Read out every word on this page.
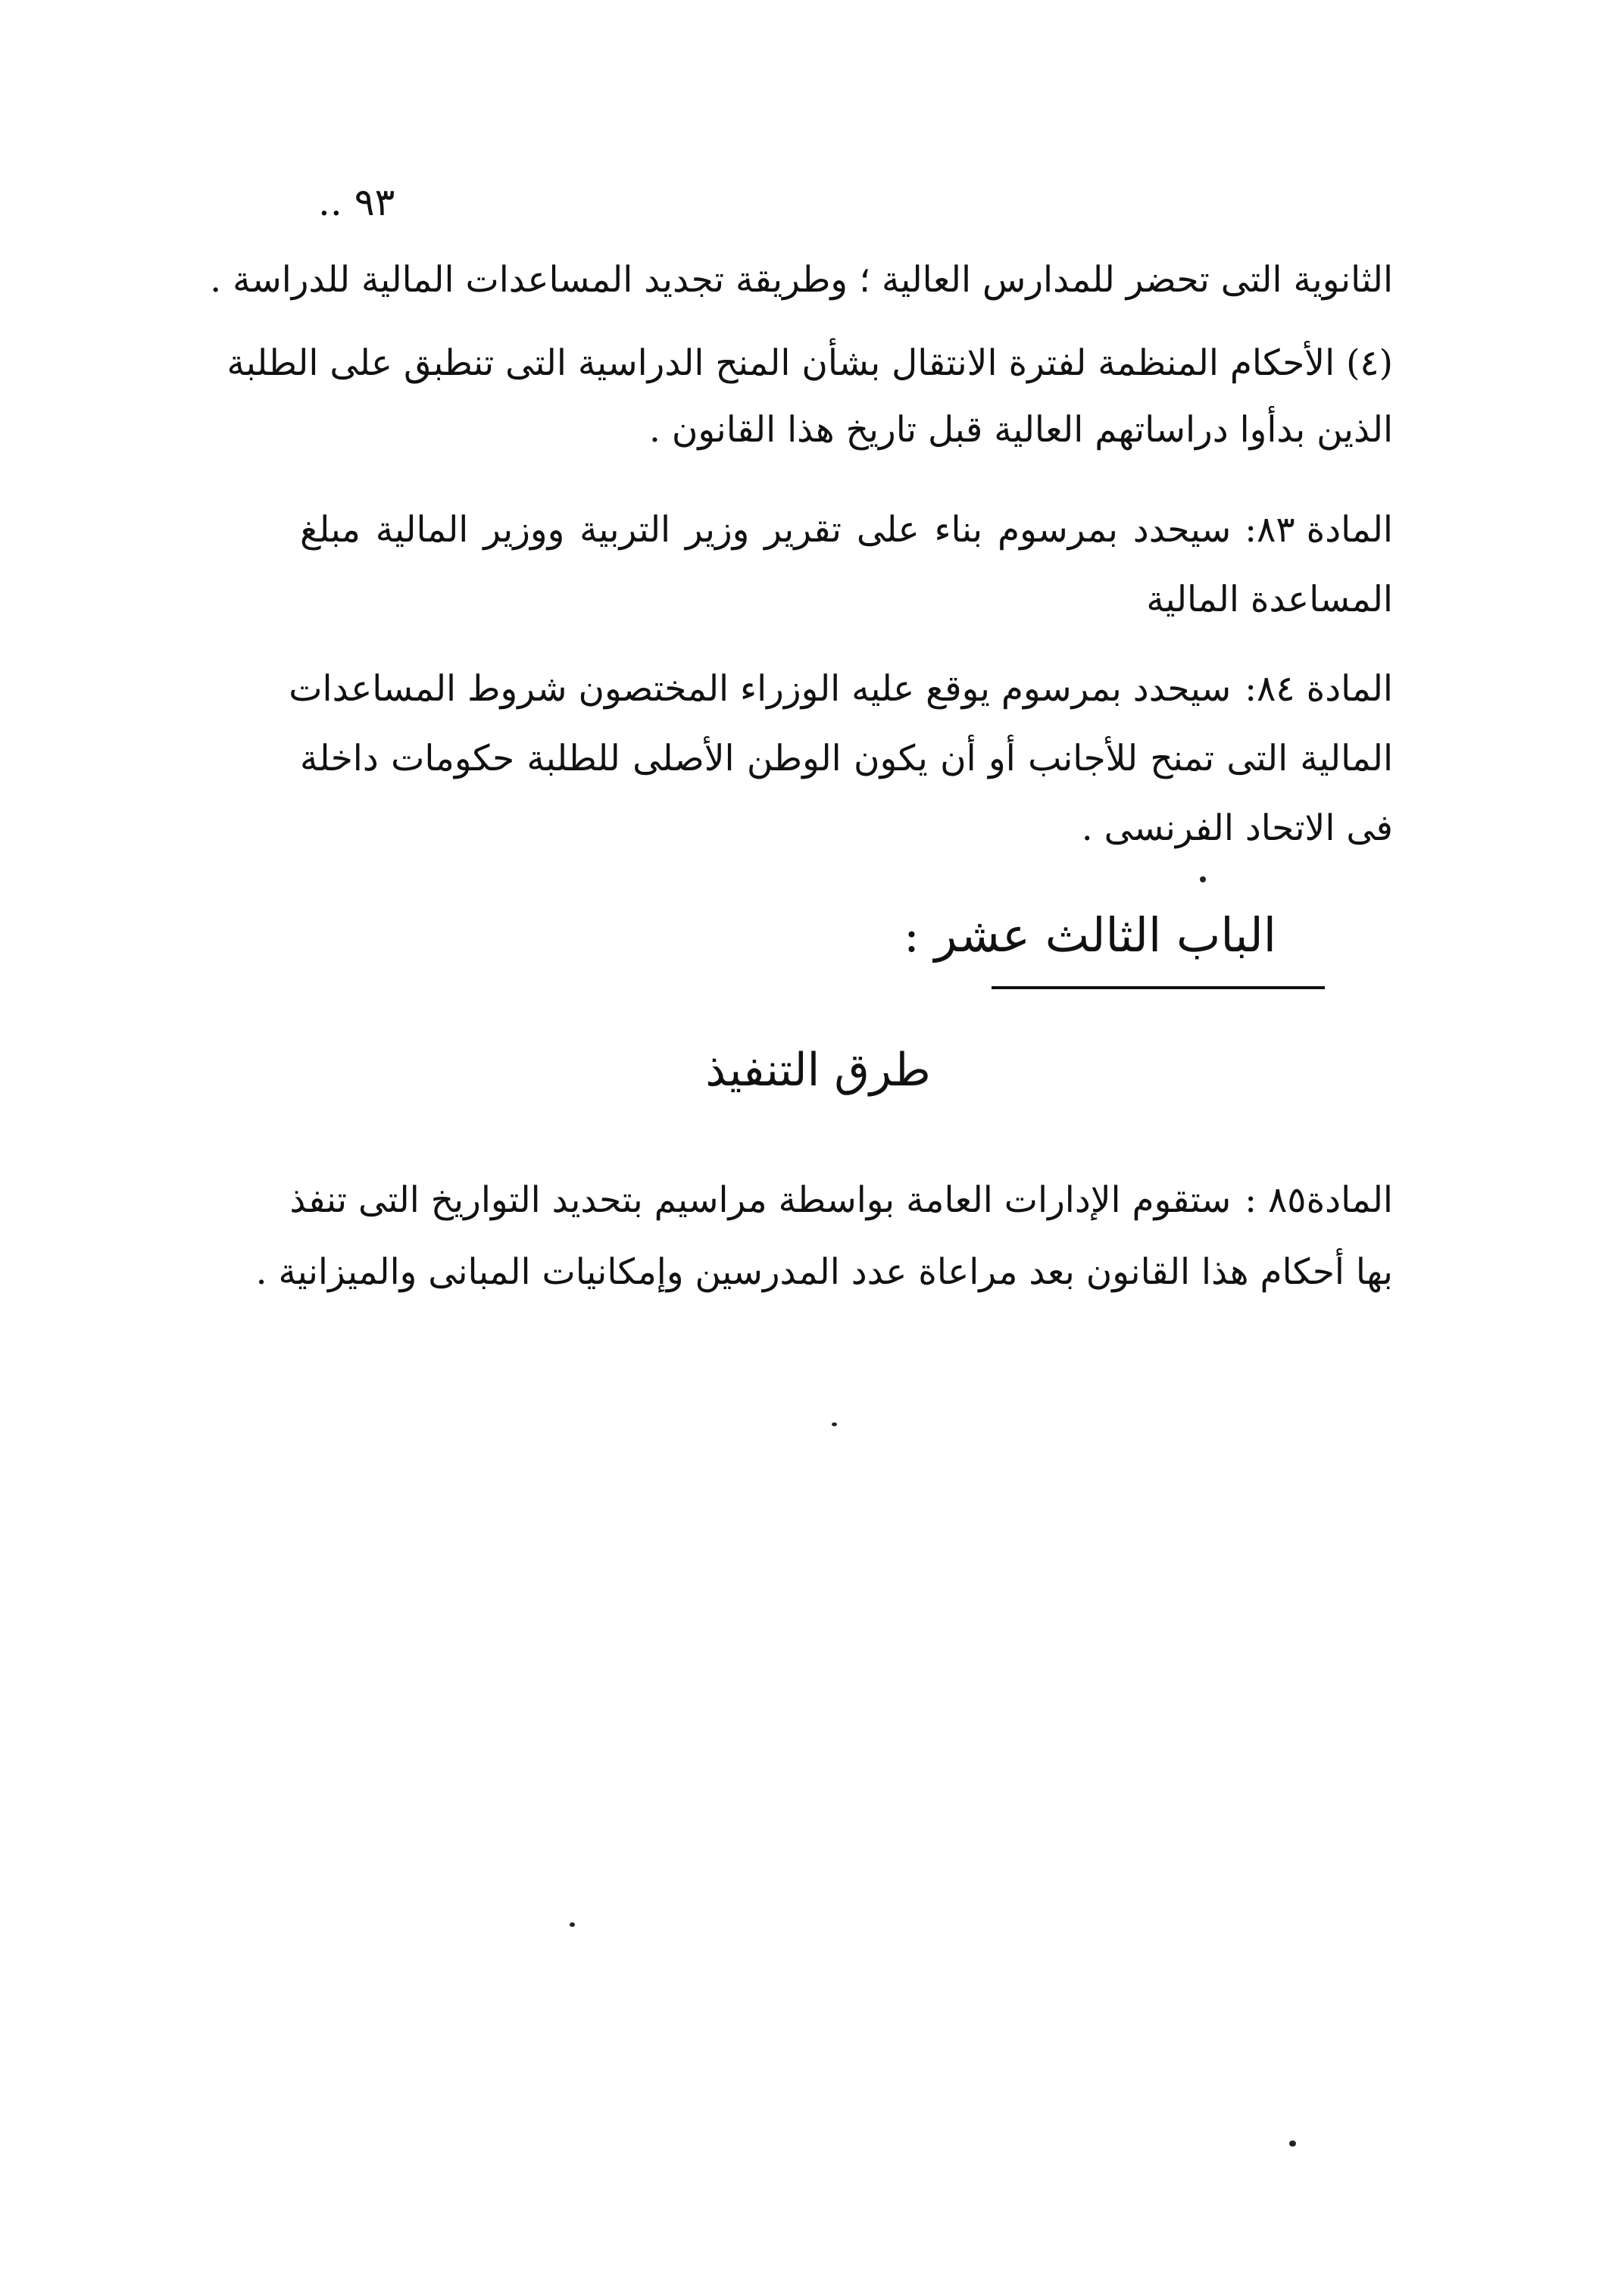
٩٣ ..
الثانوية التى تحضر للمدارس العالية ؛ وطريقة تجديد المساعدات المالية للدراسة .
(٤) الأحكام المنظمة لفترة الانتقال بشأن المنح الدراسية التى تنطبق على الطلبة
الذين بدأوا دراساتهم العالية قبل تاريخ هذا القانون .
المادة ٨٣:سيحدد بمرسوم بناء على تقرير وزير التربية ووزير المالية مبلغ
المساعدة المالية
المادة ٨٤:سيحدد بمرسوم يوقع عليه الوزراء المختصون شروط المساعدات
المالية التى تمنح للأجانب أو أن يكون الوطن الأصلى للطلبة حكومات داخلة
فى الاتحاد الفرنسى .
الباب الثالث عشر :
طرق التنفيذ
المادة٨٥ :ستقوم الإدارات العامة بواسطة مراسيم بتحديد التواريخ التى تنفذ
بها أحكام هذا القانون بعد مراعاة عدد المدرسين وإمكانيات المبانى والميزانية .
